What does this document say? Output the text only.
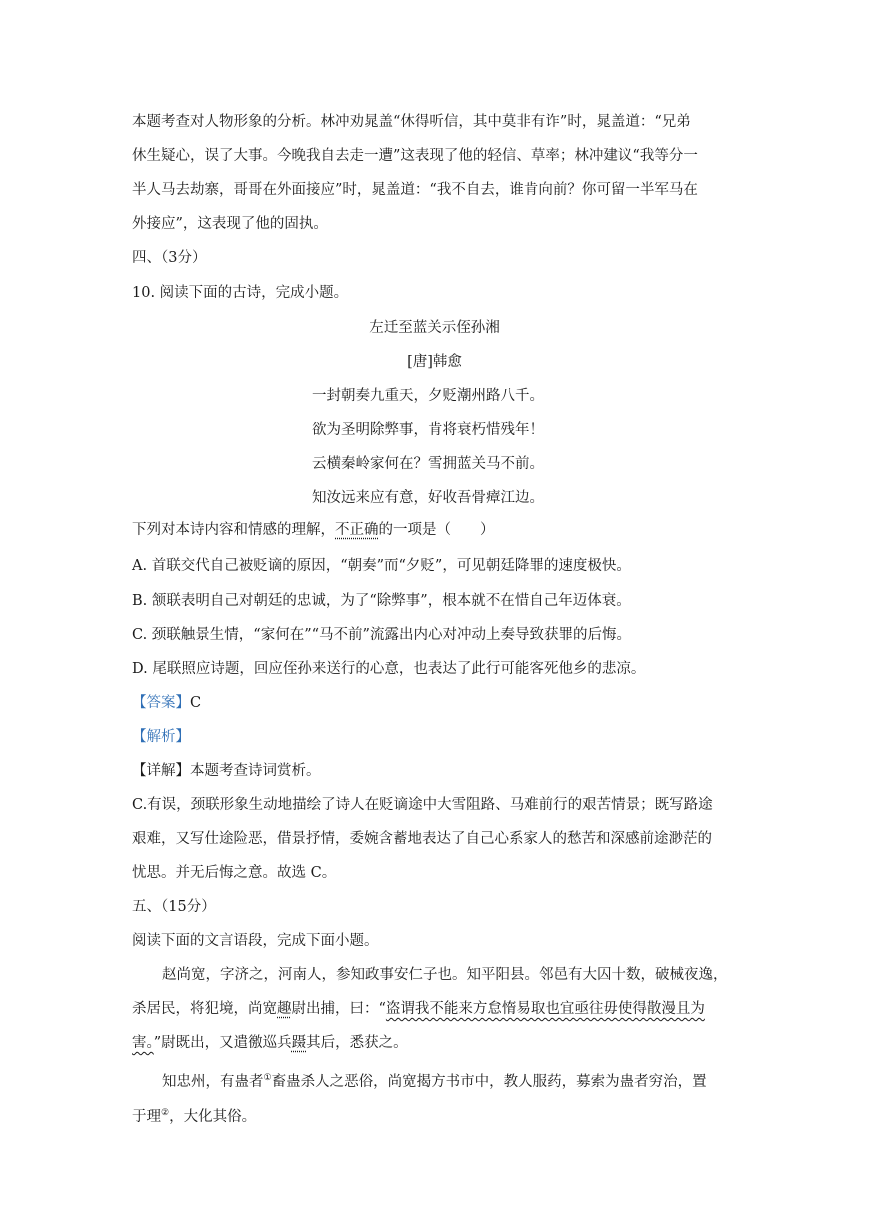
本题考查对人物形象的分析。林冲劝晁盖“休得听信，其中莫非有诈”时，晁盖道：“兄弟
休生疑心，误了大事。今晚我自去走一遭”这表现了他的轻信、草率；林冲建议“我等分一
半人马去劫寨，哥哥在外面接应”时，晁盖道：“我不自去，谁肯向前？你可留一半军马在
外接应”，这表现了他的固执。
四、（3分）
10. 阅读下面的古诗，完成小题。
左迁至蓝关示侄孙湘
[唐]韩愈
一封朝奏九重天，夕贬潮州路八千。
欲为圣明除弊事，肯将衰朽惜残年！
云横秦岭家何在？雪拥蓝关马不前。
知汝远来应有意，好收吾骨瘴江边。
下列对本诗内容和情感的理解，不正确的一项是（　　）
A. 首联交代自己被贬谪的原因，“朝奏”而“夕贬”，可见朝廷降罪的速度极快。
B. 颔联表明自己对朝廷的忠诚，为了“除弊事”，根本就不在惜自己年迈体衰。
C. 颈联触景生情，“家何在”“马不前”流露出内心对冲动上奏导致获罪的后悔。
D. 尾联照应诗题，回应侄孙来送行的心意，也表达了此行可能客死他乡的悲凉。
【答案】C
【解析】
【详解】本题考查诗词赏析。
C.有误，颈联形象生动地描绘了诗人在贬谪途中大雪阻路、马难前行的艰苦情景；既写路途
艰难，又写仕途险恶，借景抒情，委婉含蓄地表达了自己心系家人的愁苦和深感前途渺茫的
忧思。并无后悔之意。故选 C。
五、（15分）
阅读下面的文言语段，完成下面小题。
赵尚宽，字济之，河南人，参知政事安仁子也。知平阳县。邻邑有大囚十数，破械夜逸，
杀居民，将犯境，尚宽趣尉出捕，曰：“盗谓我不能来方怠惰易取也宜亟往毋使得散漫且为
害。”尉既出，又遣徼巡兵蹑其后，悉获之。
知忠州，有蛊者①畜蛊杀人之恶俗，尚宽揭方书市中，教人服药，募索为蛊者穷治，置
于理②，大化其俗。
